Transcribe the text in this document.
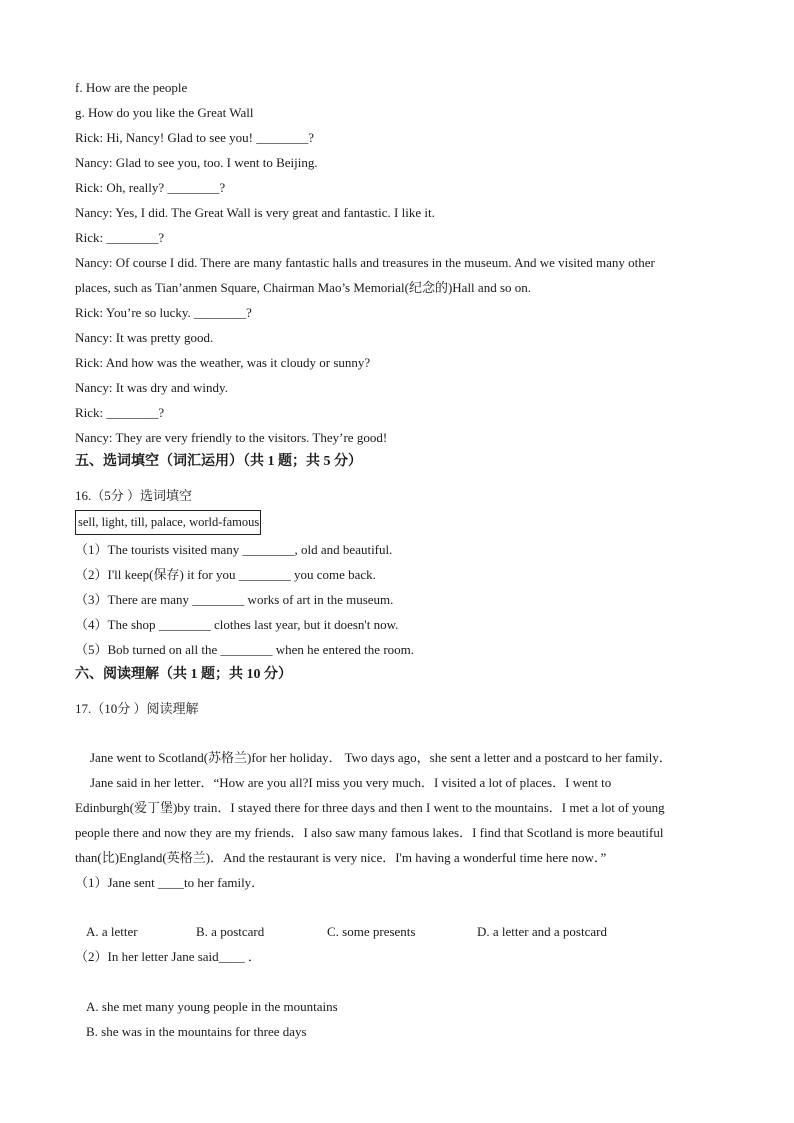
f. How are the people
g. How do you like the Great Wall
Rick: Hi, Nancy! Glad to see you! ________?
Nancy: Glad to see you, too. I went to Beijing.
Rick: Oh, really? ________?
Nancy: Yes, I did. The Great Wall is very great and fantastic. I like it.
Rick: ________?
Nancy: Of course I did. There are many fantastic halls and treasures in the museum. And we visited many other
places, such as Tian’anmen Square, Chairman Mao’s Memorial(纪念的)Hall and so on.
Rick: You’re so lucky. ________?
Nancy: It was pretty good.
Rick: And how was the weather, was it cloudy or sunny?
Nancy: It was dry and windy.
Rick: ________?
Nancy: They are very friendly to the visitors. They’re good!
五、选词填空（词汇运用）（共 1 题；共 5 分）
16.（5分 ）选词填空
sell, light, till, palace, world-famous
（1）The tourists visited many ________, old and beautiful.
（2）I'll keep(保存) it for you ________ you come back.
（3）There are many ________ works of art in the museum.
（4）The shop ________ clothes last year, but it doesn't now.
（5）Bob turned on all the ________ when he entered the room.
六、阅读理解（共 1 题；共 10 分）
17.（10分 ）阅读理解
Jane went to Scotland(苏格兰)for her holiday． Two days ago，she sent a letter and a postcard to her family．
Jane said in her letter．“How are you all?I miss you very much．I visited a lot of places．I went to
Edinburgh(爱丁堡)by train．I stayed there for three days and then I went to the mountains．I met a lot of young
people there and now they are my friends．I also saw many famous lakes．I find that Scotland is more beautiful
than(比)England(英格兰)．And the restaurant is very nice．I'm having a wonderful time here now．”
（1）Jane sent ____to her family．
A. a letter	B. a postcard	C. some presents	D. a letter and a postcard
（2）In her letter Jane said____ ．
A. she met many young people in the mountains
B. she was in the mountains for three days
